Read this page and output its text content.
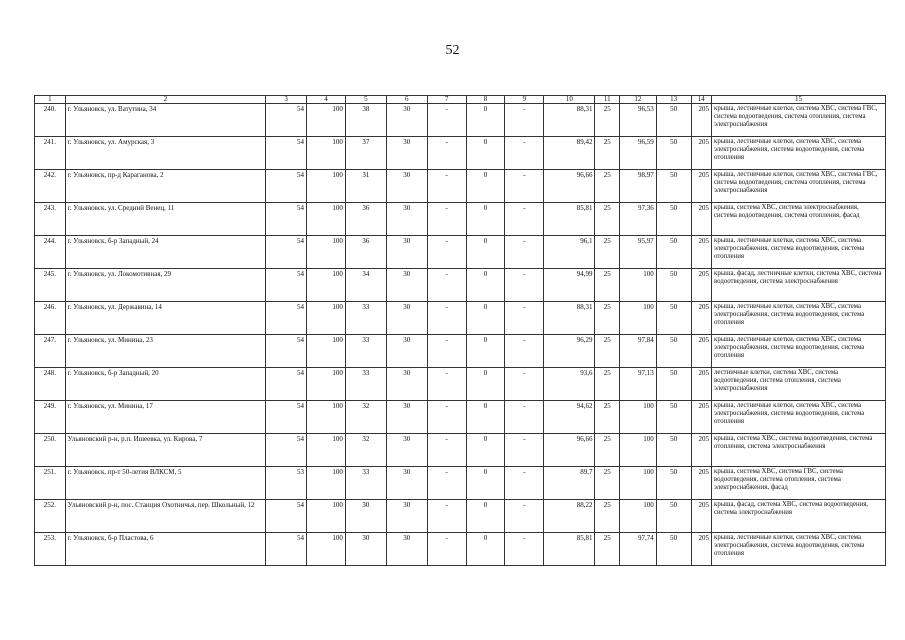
52
1	2	3	4	5	6	7	8	9	10	11	12	13	14	15
240.	г. Ульяновск, ул. Ватутина, 34	54	100	38	30	-	0	-	88,31	25	96,53	50	205	крыша, лестничные клетки, система ХВС, система ГВС, система водоотведения, система отопления, система электроснабжения
241.	г. Ульяновск, ул. Амурская, 3	54	100	37	30	-	0	-	89,42	25	96,59	50	205	крыша, лестничные клетки, система ХВС, система электроснабжения, система водоотведения, система отопления
242.	г. Ульяновск, пр-д Караганова, 2	54	100	31	30	-	0	-	96,66	25	98,97	50	205	крыша, лестничные клетки, система ХВС, система ГВС, система водоотведения, система отопления, система электроснабжения
243.	г. Ульяновск, ул. Средний Венец, 11	54	100	36	30	-	0	-	85,81	25	97,36	50	205	крыша, система ХВС, система электроснабжения, система водоотведения, система отопления, фасад
244.	г. Ульяновск, б-р Западный, 24	54	100	36	30	-	0	-	96,1	25	95,97	50	205	крыша, лестничные клетки, система ХВС, система электроснабжения, система водоотведения, система отопления
245.	г. Ульяновск, ул. Локомотивная, 29	54	100	34	30	-	0	-	94,99	25	100	50	205	крыша, фасад, лестничные клетки, система ХВС, система водоотведения, система электроснабжения
246.	г. Ульяновск, ул. Державина, 14	54	100	33	30	-	0	-	88,31	25	100	50	205	крыша, лестничные клетки, система ХВС, система электроснабжения, система водоотведения, система отопления
247.	г. Ульяновск, ул. Минина, 23	54	100	33	30	-	0	-	96,29	25	97,84	50	205	крыша, лестничные клетки, система ХВС, система электроснабжения, система водоотведения, система отопления
248.	г. Ульяновск, б-р Западный, 20	54	100	33	30	-	0	-	93,6	25	97,13	50	205	лестничные клетки, система ХВС, система водоотведения, система отопления, система электроснабжения
249.	г. Ульяновск, ул. Минина, 17	54	100	32	30	-	0	-	94,62	25	100	50	205	крыша, лестничные клетки, система ХВС, система электроснабжения, система водоотведения, система отопления
250.	Ульяновский р-н, р.п. Ишеевка, ул. Кирова, 7	54	100	32	30	-	0	-	96,66	25	100	50	205	крыша, система ХВС, система водоотведения, система отопления, система электроснабжения
251.	г. Ульяновск, пр-т 50-летия ВЛКСМ, 5	53	100	33	30	-	0	-	89,7	25	100	50	205	крыша, система ХВС, система ГВС, система водоотведения, система отопления, система электроснабжения, фасад
252.	Ульяновский р-н, пос. Станция Охотничья, пер. Школьный, 12	54	100	30	30	-	0	-	88,22	25	100	50	205	крыша, фасад, система ХВС, система водоотведения, система электроснабжения
253.	г. Ульяновск, б-р Пластова, 6	54	100	30	30	-	0	-	85,81	25	97,74	50	205	крыша, лестничные клетки, система ХВС, система электроснабжения, система водоотведения, система отопления
